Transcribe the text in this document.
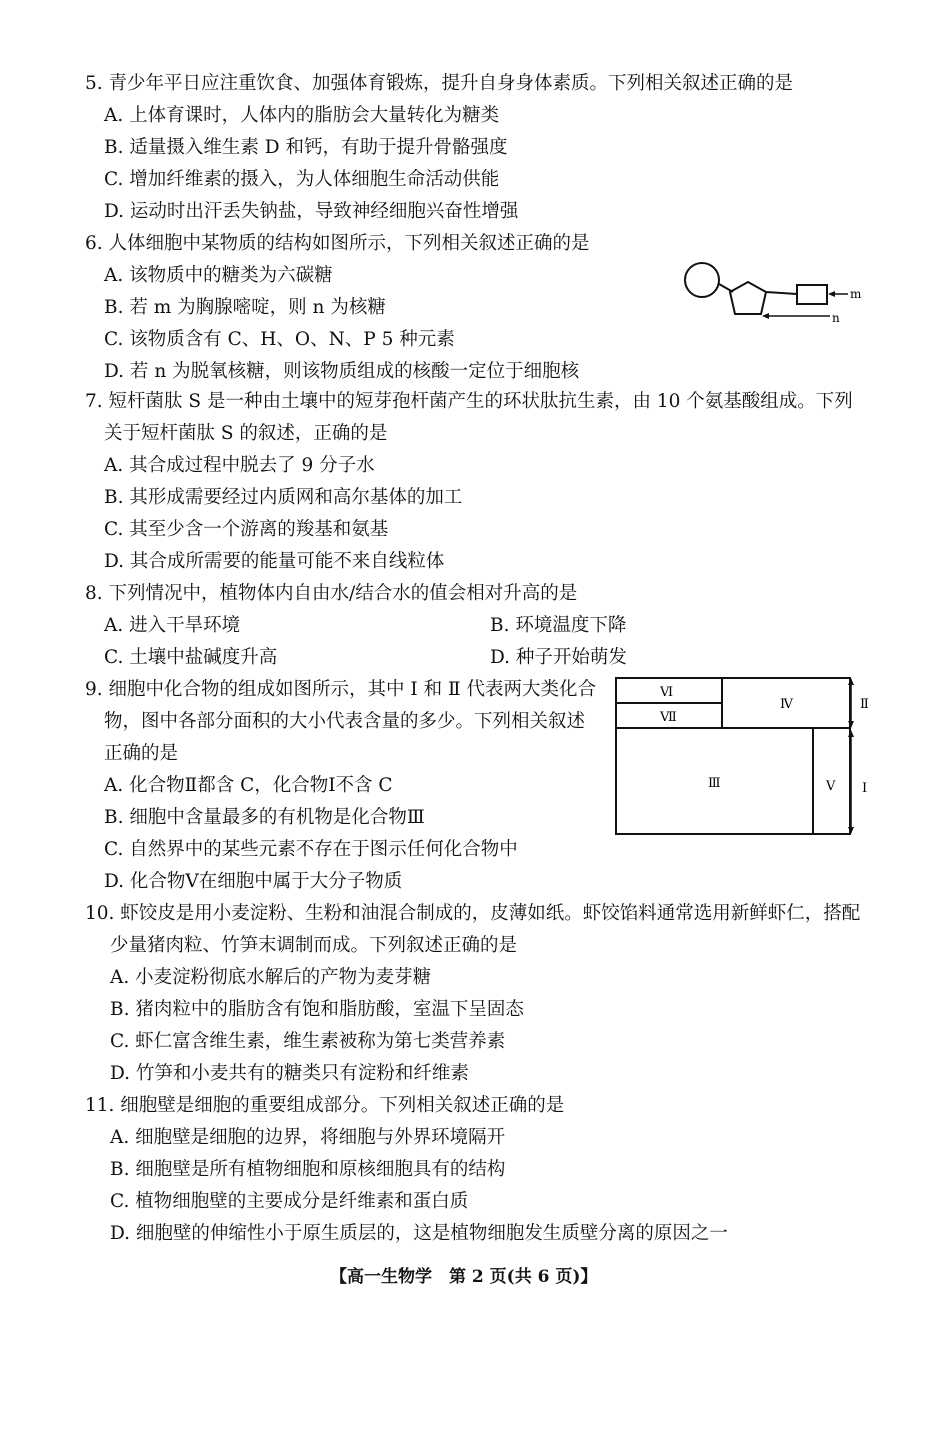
5. 青少年平日应注重饮食、加强体育锻炼，提升自身身体素质。下列相关叙述正确的是
A. 上体育课时，人体内的脂肪会大量转化为糖类
B. 适量摄入维生素 D 和钙，有助于提升骨骼强度
C. 增加纤维素的摄入，为人体细胞生命活动供能
D. 运动时出汗丢失钠盐，导致神经细胞兴奋性增强
6. 人体细胞中某物质的结构如图所示，下列相关叙述正确的是
A. 该物质中的糖类为六碳糖
B. 若 m 为胸腺嘧啶，则 n 为核糖
C. 该物质含有 C、H、O、N、P 5 种元素
D. 若 n 为脱氧核糖，则该物质组成的核酸一定位于细胞核
m
n
7. 短杆菌肽 S 是一种由土壤中的短芽孢杆菌产生的环状肽抗生素，由 10 个氨基酸组成。下列
关于短杆菌肽 S 的叙述，正确的是
A. 其合成过程中脱去了 9 分子水
B. 其形成需要经过内质网和高尔基体的加工
C. 其至少含一个游离的羧基和氨基
D. 其合成所需要的能量可能不来自线粒体
8. 下列情况中，植物体内自由水/结合水的值会相对升高的是
A. 进入干旱环境	B. 环境温度下降
C. 土壤中盐碱度升高	D. 种子开始萌发
9. 细胞中化合物的组成如图所示，其中 Ⅰ 和 Ⅱ 代表两大类化合
物，图中各部分面积的大小代表含量的多少。下列相关叙述
正确的是
A. 化合物Ⅱ都含 C，化合物Ⅰ不含 C
B. 细胞中含量最多的有机物是化合物Ⅲ
C. 自然界中的某些元素不存在于图示任何化合物中
D. 化合物Ⅴ在细胞中属于大分子物质
Ⅵ
Ⅶ
Ⅳ
Ⅲ	Ⅴ
Ⅱ
Ⅰ
10. 虾饺皮是用小麦淀粉、生粉和油混合制成的，皮薄如纸。虾饺馅料通常选用新鲜虾仁，搭配
少量猪肉粒、竹笋末调制而成。下列叙述正确的是
A. 小麦淀粉彻底水解后的产物为麦芽糖
B. 猪肉粒中的脂肪含有饱和脂肪酸，室温下呈固态
C. 虾仁富含维生素，维生素被称为第七类营养素
D. 竹笋和小麦共有的糖类只有淀粉和纤维素
11. 细胞壁是细胞的重要组成部分。下列相关叙述正确的是
A. 细胞壁是细胞的边界，将细胞与外界环境隔开
B. 细胞壁是所有植物细胞和原核细胞具有的结构
C. 植物细胞壁的主要成分是纤维素和蛋白质
D. 细胞壁的伸缩性小于原生质层的，这是植物细胞发生质壁分离的原因之一
【高一生物学　第 2 页(共 6 页)】
